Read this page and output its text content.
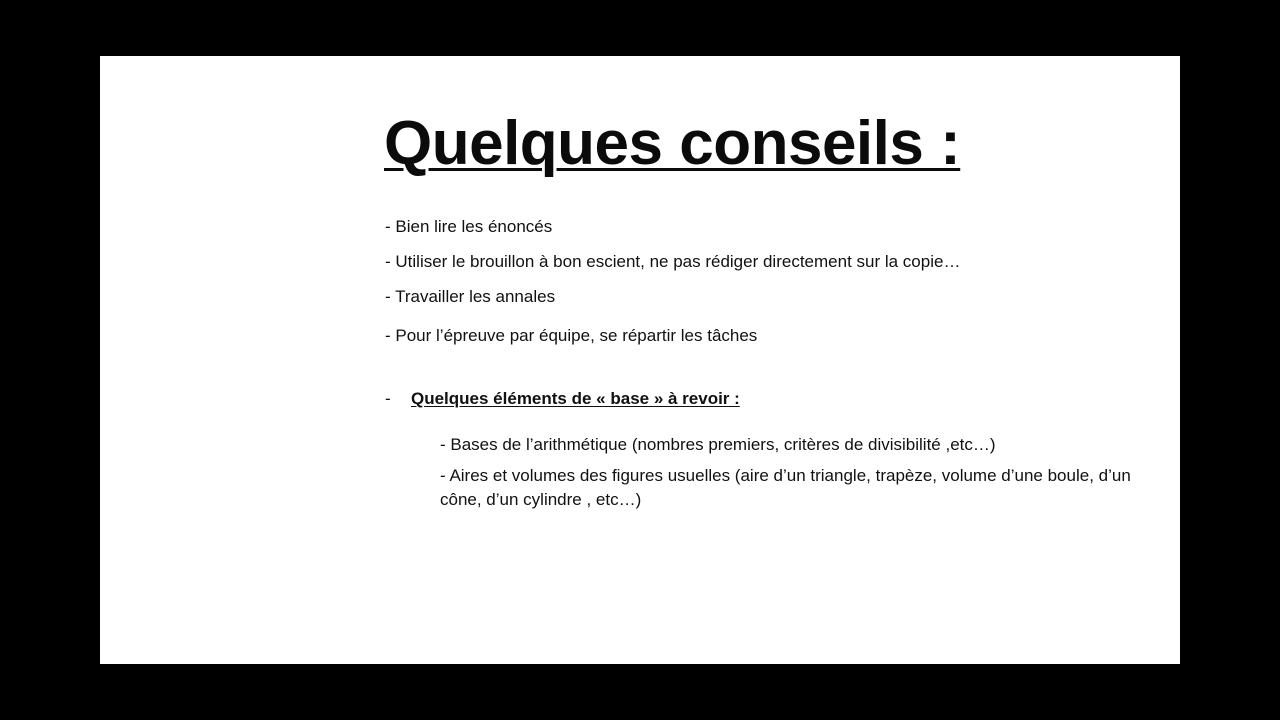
Quelques conseils :

- Bien lire les énoncés

- Utiliser le brouillon à bon escient, ne pas rédiger directement sur la copie…

- Travailler les annales

- Pour l’épreuve par équipe, se répartir les tâches

- Quelques éléments de « base » à revoir :

- Bases de l’arithmétique (nombres premiers, critères de divisibilité ,etc…)

- Aires et volumes des figures usuelles (aire d’un triangle, trapèze, volume d’une boule, d’un cône, d’un cylindre , etc…)
